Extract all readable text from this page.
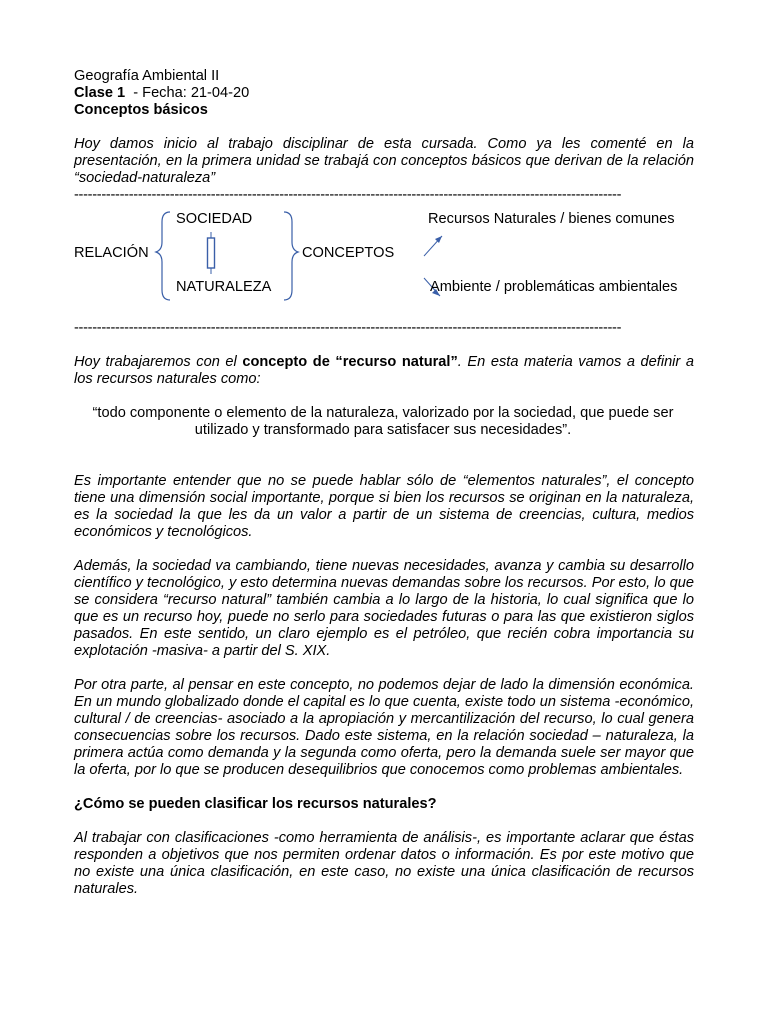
Geografía Ambiental II

Clase 1 - Fecha: 21-04-20

Conceptos básicos

Hoy damos inicio al trabajo disciplinar de esta cursada. Como ya les comenté en la presentación, en la primera unidad se trabajá con conceptos básicos que derivan de la relación “sociedad-naturaleza”

------------------------------------------------------------------------------------------------------------------------
SOCIEDAD
RELACIÓN	CONCEPTOS
NATURALEZA
Recursos Naturales / bienes comunes
Ambiente / problemáticas ambientales
------------------------------------------------------------------------------------------------------------------------

Hoy trabajaremos con el concepto de “recurso natural”. En esta materia vamos a definir a los recursos naturales como:

“todo componente o elemento de la naturaleza, valorizado por la sociedad, que puede ser utilizado y transformado para satisfacer sus necesidades”.

Es importante entender que no se puede hablar sólo de “elementos naturales”, el concepto tiene una dimensión social importante, porque si bien los recursos se originan en la naturaleza, es la sociedad la que les da un valor a partir de un sistema de creencias, cultura, medios económicos y tecnológicos.

Además, la sociedad va cambiando, tiene nuevas necesidades, avanza y cambia su desarrollo científico y tecnológico, y esto determina nuevas demandas sobre los recursos. Por esto, lo que se considera “recurso natural” también cambia a lo largo de la historia, lo cual significa que lo que es un recurso hoy, puede no serlo para sociedades futuras o para las que existieron siglos pasados. En este sentido, un claro ejemplo es el petróleo, que recién cobra importancia su explotación -masiva- a partir del S. XIX.

Por otra parte, al pensar en este concepto, no podemos dejar de lado la dimensión económica. En un mundo globalizado donde el capital es lo que cuenta, existe todo un sistema -económico, cultural / de creencias- asociado a la apropiación y mercantilización del recurso, lo cual genera consecuencias sobre los recursos. Dado este sistema, en la relación sociedad – naturaleza, la primera actúa como demanda y la segunda como oferta, pero la demanda suele ser mayor que la oferta, por lo que se producen desequilibrios que conocemos como problemas ambientales.

¿Cómo se pueden clasificar los recursos naturales?

Al trabajar con clasificaciones -como herramienta de análisis-, es importante aclarar que éstas responden a objetivos que nos permiten ordenar datos o información. Es por este motivo que no existe una única clasificación, en este caso, no existe una única clasificación de recursos naturales.
